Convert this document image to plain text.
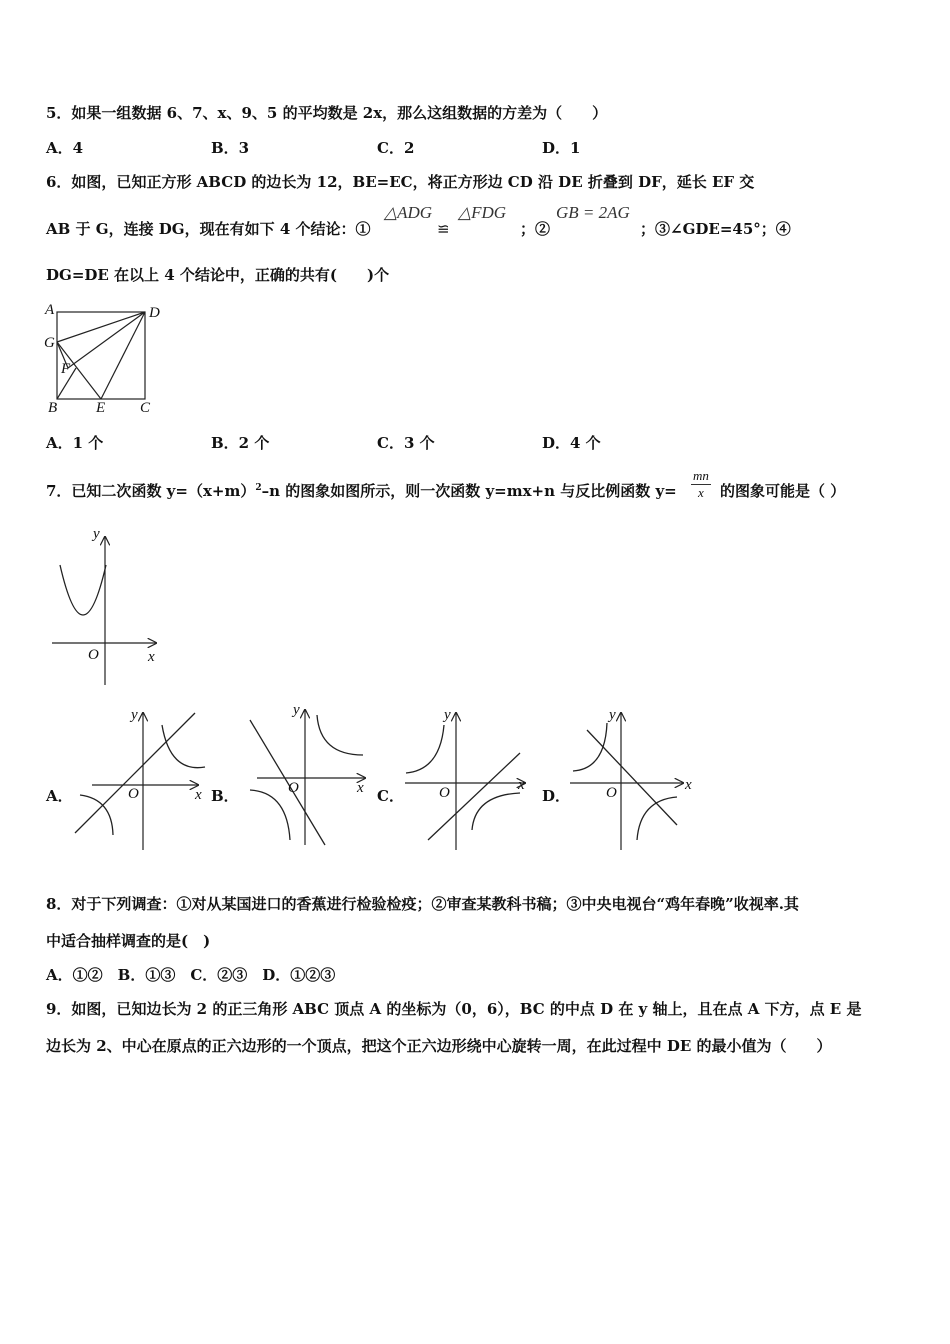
5．如果一组数据 6、7、x、9、5 的平均数是 2x，那么这组数据的方差为（　　）
A．4	B．3	C．2	D．1
6．如图，已知正方形 ABCD 的边长为 12，BE=EC，将正方形边 CD 沿 DE 折叠到 DF，延长 EF 交
AB 于 G，连接 DG，现在有如下 4 个结论：①
△ADG
≌
△FDG
；②
GB = 2AG
；③∠GDE=45°；④
DG=DE 在以上 4 个结论中，正确的共有(　　)个
A	D
G
F
B	E C
A．1 个	B．2 个	C．3 个	D．4 个
7．已知二次函数 $y=(x+m)^2-n$ 的图象如图所示，则一次函数 y=mx+n 与反比例函数 $y= \frac{mn}{x}$ 的图象可能是（ ）
y
x
O
A．
y
x
O	B．
y
x
O	C．
y
x
O	D．
y
x
O
8．对于下列调查：①对从某国进口的香蕉进行检验检疫；②审查某教科书稿；③中央电视台“鸡年春晚”收视率.其
中适合抽样调查的是(　)
A．①②　B．①③　C．②③　D．①②③
9．如图，已知边长为 2 的正三角形 ABC 顶点 A 的坐标为（0，6），BC 的中点 D 在 y 轴上，且在点 A 下方，点 E 是
边长为 2、中心在原点的正六边形的一个顶点，把这个正六边形绕中心旋转一周，在此过程中 DE 的最小值为（　　）
